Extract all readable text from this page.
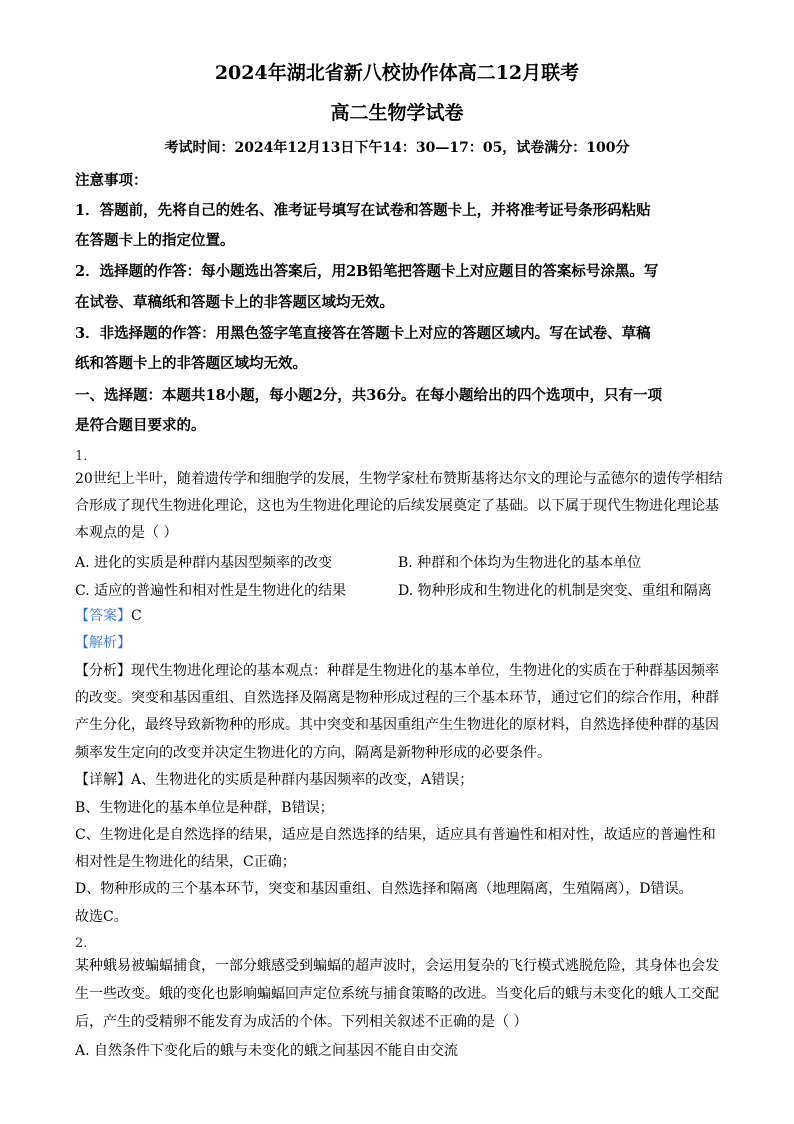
2024年湖北省新八校协作体高二12月联考
高二生物学试卷
考试时间：2024年12月13日下午14：30—17：05，试卷满分：100分
注意事项：
1．答题前，先将自己的姓名、准考证号填写在试卷和答题卡上，并将准考证号条形码粘贴
在答题卡上的指定位置。
2．选择题的作答：每小题选出答案后，用2B铅笔把答题卡上对应题目的答案标号涂黑。写
在试卷、草稿纸和答题卡上的非答题区域均无效。
3．非选择题的作答：用黑色签字笔直接答在答题卡上对应的答题区域内。写在试卷、草稿
纸和答题卡上的非答题区域均无效。
一、选择题：本题共18小题，每小题2分，共36分。在每小题给出的四个选项中，只有一项
是符合题目要求的。
1.
20世纪上半叶，随着遗传学和细胞学的发展，生物学家杜布赞斯基将达尔文的理论与孟德尔的遗传学相结
合形成了现代生物进化理论，这也为生物进化理论的后续发展奠定了基础。以下属于现代生物进化理论基
本观点的是（ ）
A. 进化的实质是种群内基因型频率的改变	B. 种群和个体均为生物进化的基本单位
C. 适应的普遍性和相对性是生物进化的结果	D. 物种形成和生物进化的机制是突变、重组和隔离
【答案】C
【解析】
【分析】现代生物进化理论的基本观点：种群是生物进化的基本单位，生物进化的实质在于种群基因频率
的改变。突变和基因重组、自然选择及隔离是物种形成过程的三个基本环节，通过它们的综合作用，种群
产生分化，最终导致新物种的形成。其中突变和基因重组产生生物进化的原材料，自然选择使种群的基因
频率发生定向的改变并决定生物进化的方向，隔离是新物种形成的必要条件。
【详解】A、生物进化的实质是种群内基因频率的改变，A错误；
B、生物进化的基本单位是种群，B错误；
C、生物进化是自然选择的结果，适应是自然选择的结果，适应具有普遍性和相对性，故适应的普遍性和
相对性是生物进化的结果，C正确；
D、物种形成的三个基本环节，突变和基因重组、自然选择和隔离（地理隔离，生殖隔离），D错误。
故选C。
2.
某种蛾易被蝙蝠捕食，一部分蛾感受到蝙蝠的超声波时，会运用复杂的飞行模式逃脱危险，其身体也会发
生一些改变。蛾的变化也影响蝙蝠回声定位系统与捕食策略的改进。当变化后的蛾与未变化的蛾人工交配
后，产生的受精卵不能发育为成活的个体。下列相关叙述不正确的是（ ）
A. 自然条件下变化后的蛾与未变化的蛾之间基因不能自由交流
